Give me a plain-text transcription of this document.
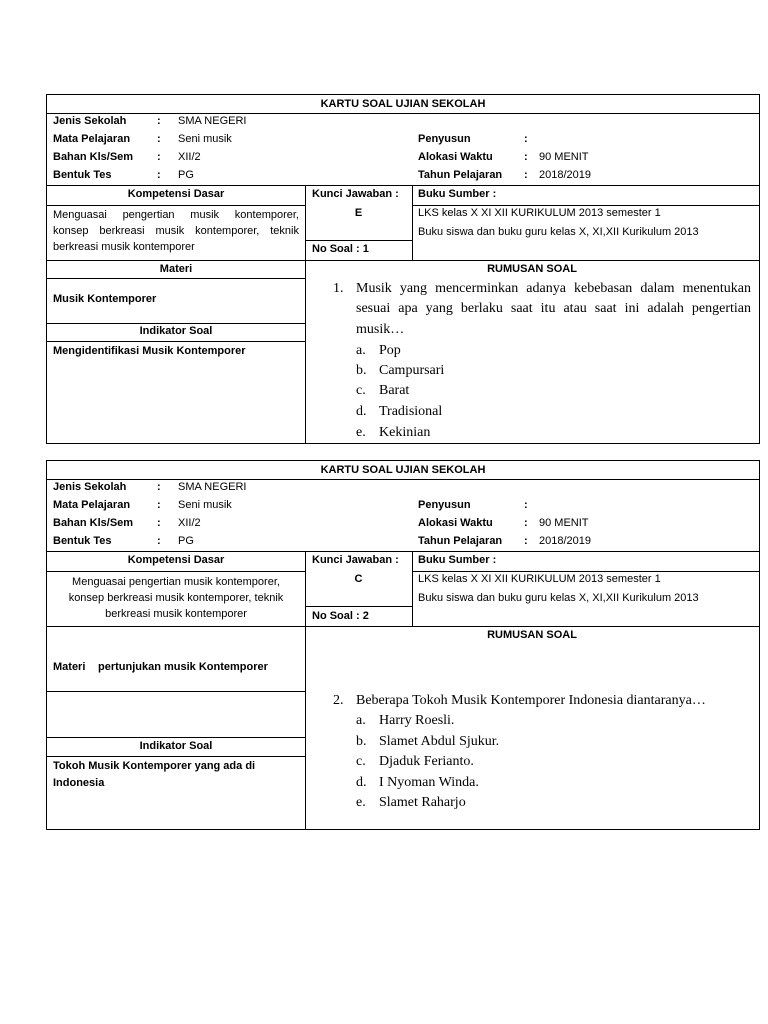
KARTU SOAL UJIAN SEKOLAH
Jenis Sekolah	: SMA NEGERI
Mata Pelajaran : Seni musik
Bahan Kls/Sem : XII/2
Bentuk Tes	: PG
Penyusun	:
Alokasi Waktu	: 90 MENIT
Tahun Pelajaran : 2018/2019
Kompetensi Dasar	Kunci Jawaban : Buku Sumber :
Menguasai pengertian musik kontemporer,
konsep berkreasi musik kontemporer, teknik
berkreasi musik kontemporer
E	LKS kelas X XI XII KURIKULUM 2013 semester 1
Buku siswa dan buku guru kelas X, XI,XII Kurikulum 2013
No Soal : 1
Materi
Musik Kontemporer
Indikator Soal
Mengidentifikasi Musik Kontemporer
RUMUSAN SOAL
1. Musik yang mencerminkan adanya kebebasan dalam menentukan
sesuai apa yang berlaku saat itu atau saat ini adalah pengertian
musik…
a. Pop
b. Campursari
c. Barat
d. Tradisional
e. Kekinian
KARTU SOAL UJIAN SEKOLAH
Jenis Sekolah	: SMA NEGERI
Mata Pelajaran : Seni musik
Bahan Kls/Sem : XII/2
Bentuk Tes	: PG
Penyusun	:
Alokasi Waktu	: 90 MENIT
Tahun Pelajaran : 2018/2019
Kompetensi Dasar	Kunci Jawaban : Buku Sumber :
Menguasai pengertian musik kontemporer,
konsep berkreasi musik kontemporer, teknik
berkreasi musik kontemporer
C	LKS kelas X XI XII KURIKULUM 2013 semester 1
Buku siswa dan buku guru kelas X, XI,XII Kurikulum 2013
No Soal : 2
RUMUSAN SOAL
Materi pertunjukan musik Kontemporer
Indikator Soal
Tokoh Musik Kontemporer yang ada di
Indonesia
2. Beberapa Tokoh Musik Kontemporer Indonesia diantaranya…
a. Harry Roesli.
b. Slamet Abdul Sjukur.
c. Djaduk Ferianto.
d. I Nyoman Winda.
e. Slamet Raharjo
